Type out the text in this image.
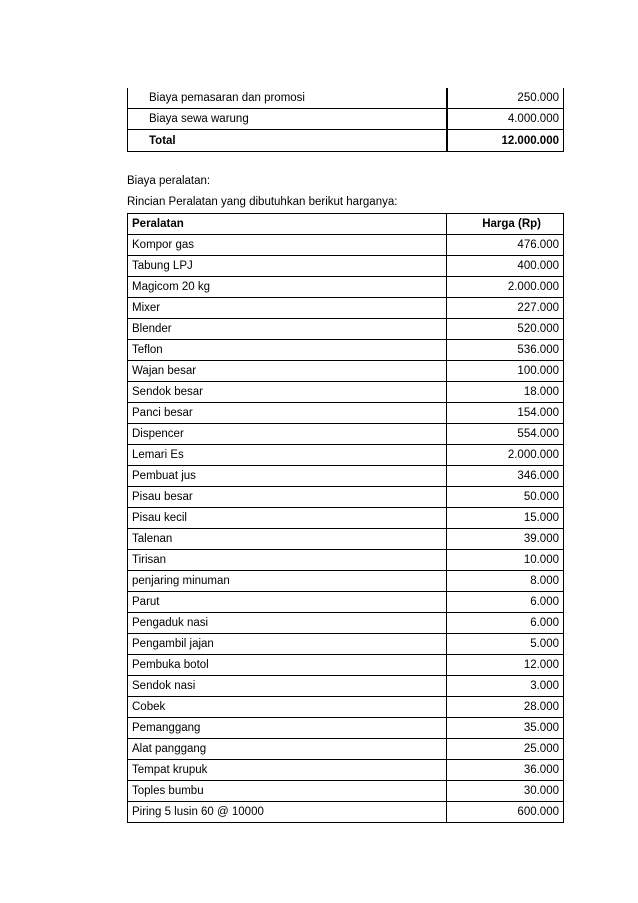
Biaya pemasaran dan promosi	250.000
Biaya sewa warung	4.000.000
Total	12.000.000

Biaya peralatan:

Rincian Peralatan yang dibutuhkan berikut harganya:

Peralatan	Harga (Rp)
Kompor gas	476.000
Tabung LPJ	400.000
Magicom 20 kg	2.000.000
Mixer	227.000
Blender	520.000
Teflon	536.000
Wajan besar	100.000
Sendok besar	18.000
Panci besar	154.000
Dispencer	554.000
Lemari Es	2.000.000
Pembuat jus	346.000
Pisau besar	50.000
Pisau kecil	15.000
Talenan	39.000
Tirisan	10.000
penjaring minuman	8.000
Parut	6.000
Pengaduk nasi	6.000
Pengambil jajan	5.000
Pembuka botol	12.000
Sendok nasi	3.000
Cobek	28.000
Pemanggang	35.000
Alat panggang	25.000
Tempat krupuk	36.000
Toples bumbu	30.000
Piring 5 lusin 60 @ 10000	600.000
